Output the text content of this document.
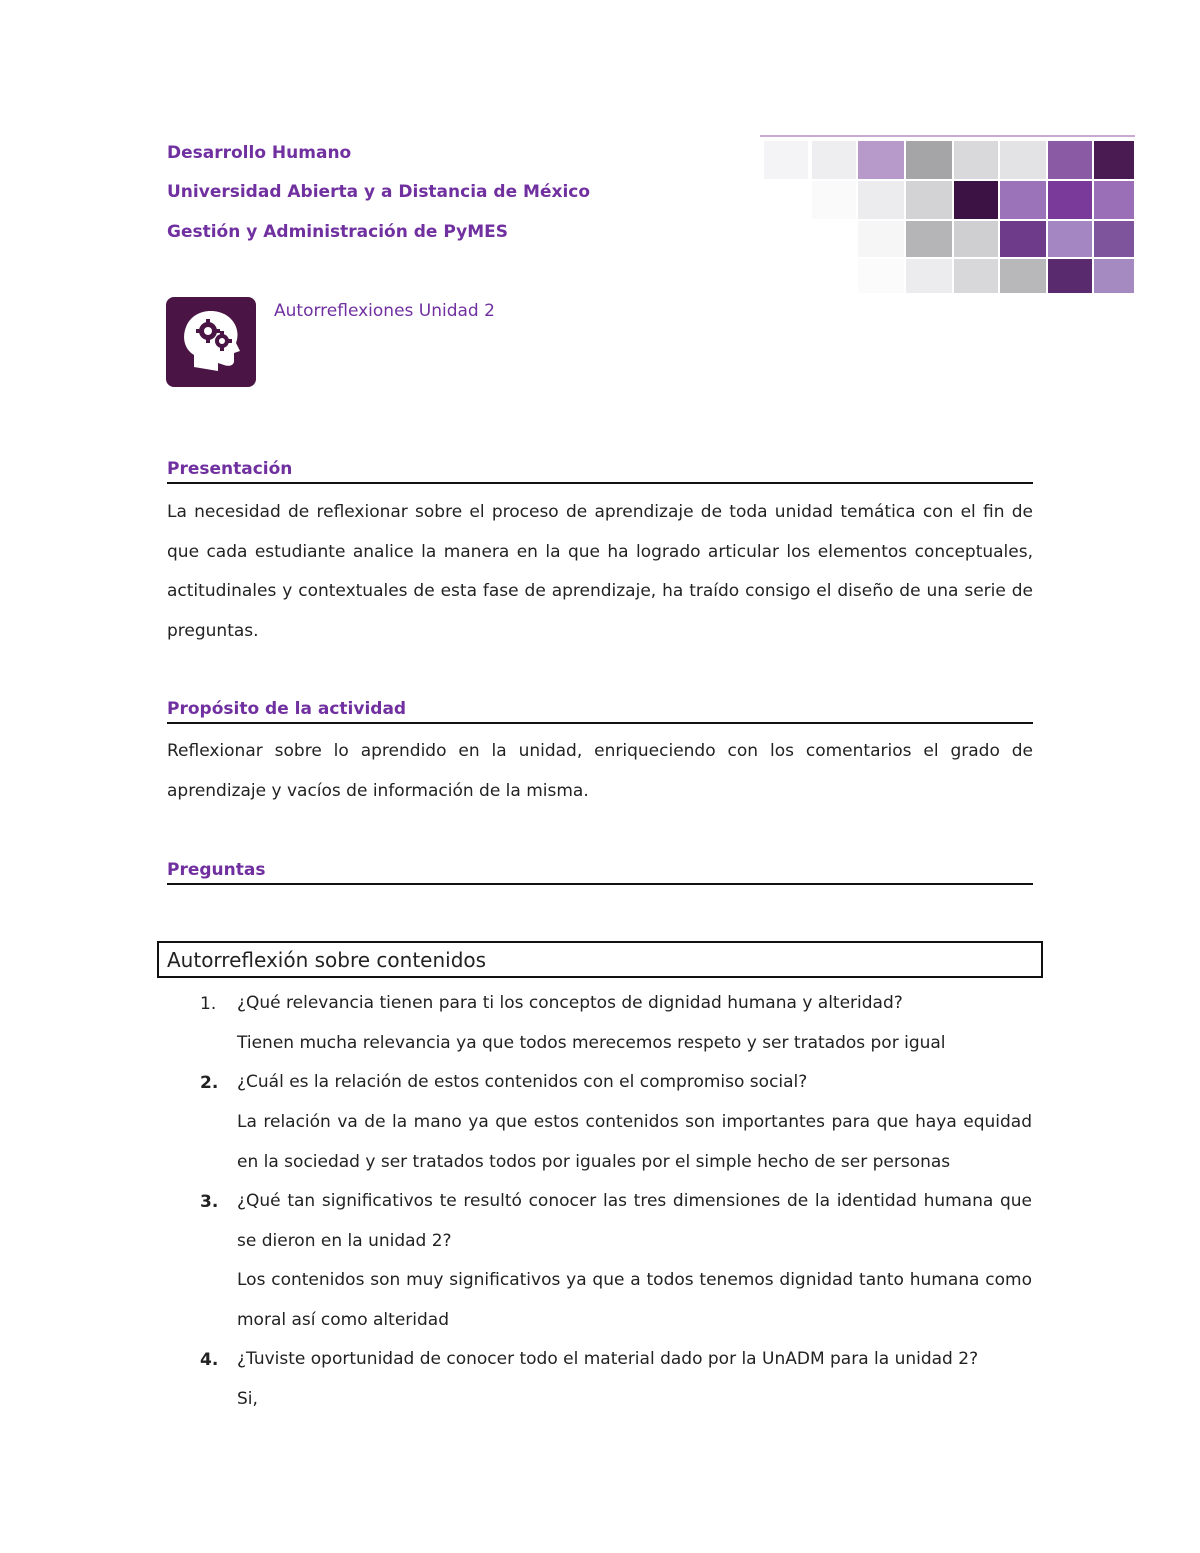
Desarrollo Humano
Universidad Abierta y a Distancia de México
Gestión y Administración de PyMES
Autorreflexiones Unidad 2
Presentación
La necesidad de reflexionar sobre el proceso de aprendizaje de toda unidad temática con el fin de que cada estudiante analice la manera en la que ha logrado articular los elementos conceptuales, actitudinales y contextuales de esta fase de aprendizaje, ha traído consigo el diseño de una serie de preguntas.
Propósito de la actividad
Reflexionar sobre lo aprendido en la unidad, enriqueciendo con los comentarios el grado de aprendizaje y vacíos de información de la misma.
Preguntas
Autorreflexión sobre contenidos
1. ¿Qué relevancia tienen para ti los conceptos de dignidad humana y alteridad?
Tienen mucha relevancia ya que todos merecemos respeto y ser tratados por igual
2. ¿Cuál es la relación de estos contenidos con el compromiso social?
La relación va de la mano ya que estos contenidos son importantes para que haya equidad en la sociedad y ser tratados todos por iguales por el simple hecho de ser personas
3. ¿Qué tan significativos te resultó conocer las tres dimensiones de la identidad humana que se dieron en la unidad 2?
Los contenidos son muy significativos ya que a todos tenemos dignidad tanto humana como moral así como alteridad
4. ¿Tuviste oportunidad de conocer todo el material dado por la UnADM para la unidad 2?
Si,
